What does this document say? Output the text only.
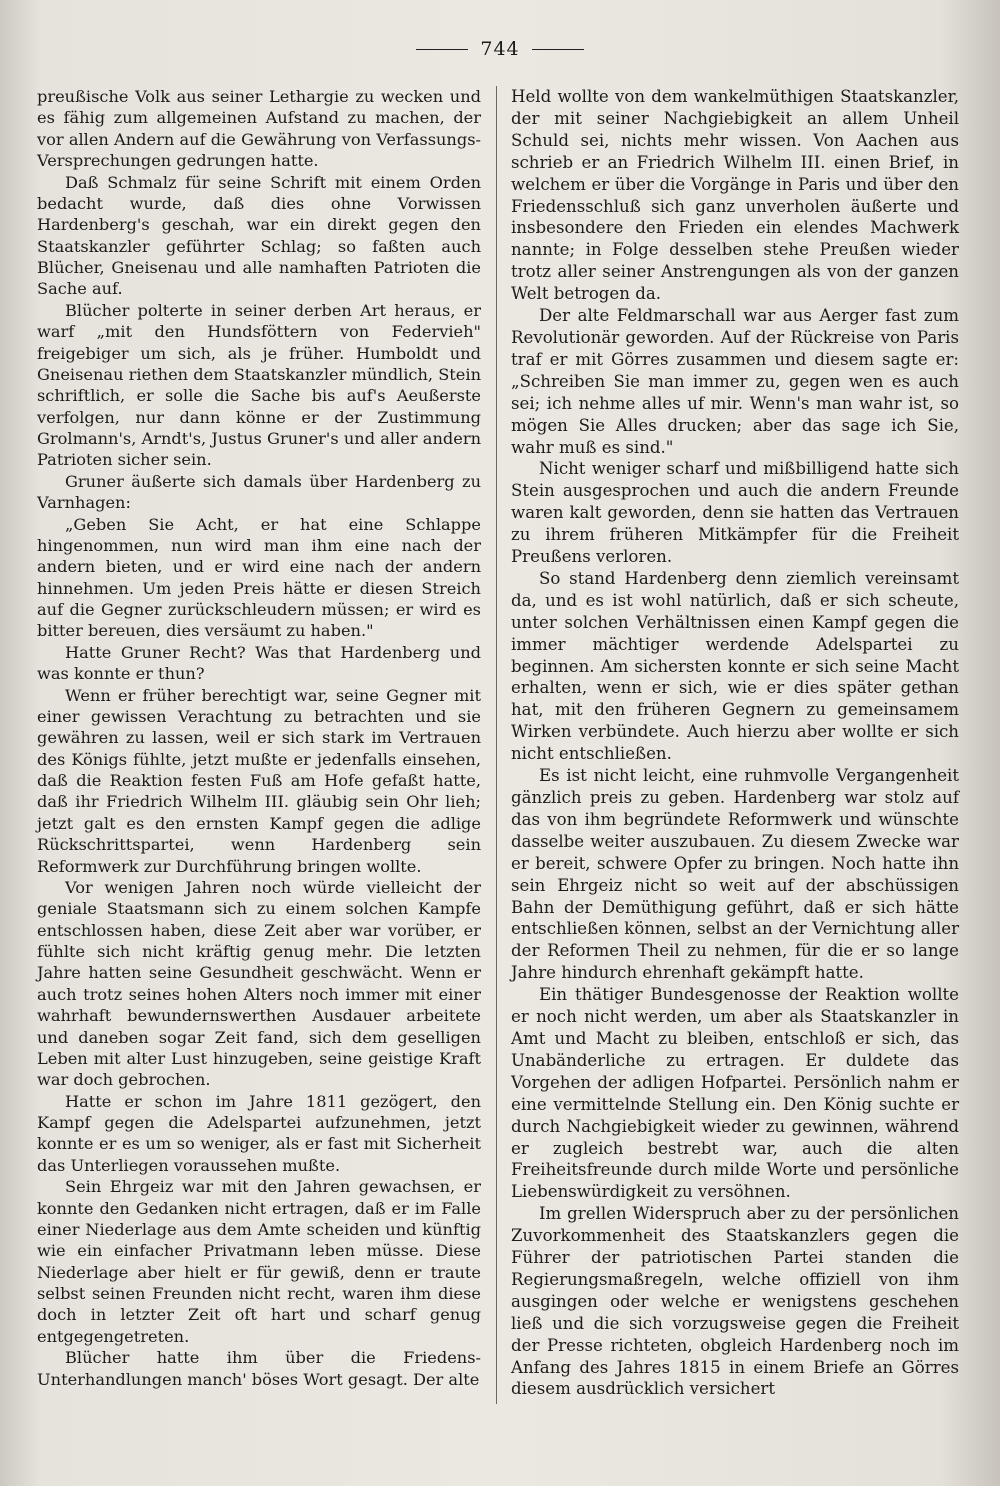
744

preußische Volk aus seiner Lethargie zu wecken und es fähig zum allgemeinen Aufstand zu machen, der vor allen Andern auf die Gewährung von Verfassungs-Versprechungen gedrungen hatte.

Daß Schmalz für seine Schrift mit einem Orden bedacht wurde, daß dies ohne Vorwissen Hardenberg's geschah, war ein direkt gegen den Staatskanzler geführter Schlag; so faßten auch Blücher, Gneisenau und alle namhaften Patrioten die Sache auf.

Blücher polterte in seiner derben Art heraus, er warf „mit den Hundsföttern von Federvieh" freigebiger um sich, als je früher. Humboldt und Gneisenau riethen dem Staatskanzler mündlich, Stein schriftlich, er solle die Sache bis auf's Aeußerste verfolgen, nur dann könne er der Zustimmung Grolmann's, Arndt's, Justus Gruner's und aller andern Patrioten sicher sein.

Gruner äußerte sich damals über Hardenberg zu Varnhagen:

„Geben Sie Acht, er hat eine Schlappe hingenommen, nun wird man ihm eine nach der andern bieten, und er wird eine nach der andern hinnehmen. Um jeden Preis hätte er diesen Streich auf die Gegner zurückschleudern müssen; er wird es bitter bereuen, dies versäumt zu haben."

Hatte Gruner Recht? Was that Hardenberg und was konnte er thun?

Wenn er früher berechtigt war, seine Gegner mit einer gewissen Verachtung zu betrachten und sie gewähren zu lassen, weil er sich stark im Vertrauen des Königs fühlte, jetzt mußte er jedenfalls einsehen, daß die Reaktion festen Fuß am Hofe gefaßt hatte, daß ihr Friedrich Wilhelm III. gläubig sein Ohr lieh; jetzt galt es den ernsten Kampf gegen die adlige Rückschrittspartei, wenn Hardenberg sein Reformwerk zur Durchführung bringen wollte.

Vor wenigen Jahren noch würde vielleicht der geniale Staatsmann sich zu einem solchen Kampfe entschlossen haben, diese Zeit aber war vorüber, er fühlte sich nicht kräftig genug mehr. Die letzten Jahre hatten seine Gesundheit geschwächt. Wenn er auch trotz seines hohen Alters noch immer mit einer wahrhaft bewundernswerthen Ausdauer arbeitete und daneben sogar Zeit fand, sich dem geselligen Leben mit alter Lust hinzugeben, seine geistige Kraft war doch gebrochen.

Hatte er schon im Jahre 1811 gezögert, den Kampf gegen die Adelspartei aufzunehmen, jetzt konnte er es um so weniger, als er fast mit Sicherheit das Unterliegen voraussehen mußte.

Sein Ehrgeiz war mit den Jahren gewachsen, er konnte den Gedanken nicht ertragen, daß er im Falle einer Niederlage aus dem Amte scheiden und künftig wie ein einfacher Privatmann leben müsse. Diese Niederlage aber hielt er für gewiß, denn er traute selbst seinen Freunden nicht recht, waren ihm diese doch in letzter Zeit oft hart und scharf genug entgegengetreten.

Blücher hatte ihm über die Friedens-Unterhandlungen manch' böses Wort gesagt. Der alte

Held wollte von dem wankelmüthigen Staatskanzler, der mit seiner Nachgiebigkeit an allem Unheil Schuld sei, nichts mehr wissen. Von Aachen aus schrieb er an Friedrich Wilhelm III. einen Brief, in welchem er über die Vorgänge in Paris und über den Friedensschluß sich ganz unverholen äußerte und insbesondere den Frieden ein elendes Machwerk nannte; in Folge desselben stehe Preußen wieder trotz aller seiner Anstrengungen als von der ganzen Welt betrogen da.

Der alte Feldmarschall war aus Aerger fast zum Revolutionär geworden. Auf der Rückreise von Paris traf er mit Görres zusammen und diesem sagte er: „Schreiben Sie man immer zu, gegen wen es auch sei; ich nehme alles uf mir. Wenn's man wahr ist, so mögen Sie Alles drucken; aber das sage ich Sie, wahr muß es sind."

Nicht weniger scharf und mißbilligend hatte sich Stein ausgesprochen und auch die andern Freunde waren kalt geworden, denn sie hatten das Vertrauen zu ihrem früheren Mitkämpfer für die Freiheit Preußens verloren.

So stand Hardenberg denn ziemlich vereinsamt da, und es ist wohl natürlich, daß er sich scheute, unter solchen Verhältnissen einen Kampf gegen die immer mächtiger werdende Adelspartei zu beginnen. Am sichersten konnte er sich seine Macht erhalten, wenn er sich, wie er dies später gethan hat, mit den früheren Gegnern zu gemeinsamem Wirken verbündete. Auch hierzu aber wollte er sich nicht entschließen.

Es ist nicht leicht, eine ruhmvolle Vergangenheit gänzlich preis zu geben. Hardenberg war stolz auf das von ihm begründete Reformwerk und wünschte dasselbe weiter auszubauen. Zu diesem Zwecke war er bereit, schwere Opfer zu bringen. Noch hatte ihn sein Ehrgeiz nicht so weit auf der abschüssigen Bahn der Demüthigung geführt, daß er sich hätte entschließen können, selbst an der Vernichtung aller der Reformen Theil zu nehmen, für die er so lange Jahre hindurch ehrenhaft gekämpft hatte.

Ein thätiger Bundesgenosse der Reaktion wollte er noch nicht werden, um aber als Staatskanzler in Amt und Macht zu bleiben, entschloß er sich, das Unabänderliche zu ertragen. Er duldete das Vorgehen der adligen Hofpartei. Persönlich nahm er eine vermittelnde Stellung ein. Den König suchte er durch Nachgiebigkeit wieder zu gewinnen, während er zugleich bestrebt war, auch die alten Freiheitsfreunde durch milde Worte und persönliche Liebenswürdigkeit zu versöhnen.

Im grellen Widerspruch aber zu der persönlichen Zuvorkommenheit des Staatskanzlers gegen die Führer der patriotischen Partei standen die Regierungsmaßregeln, welche offiziell von ihm ausgingen oder welche er wenigstens geschehen ließ und die sich vorzugsweise gegen die Freiheit der Presse richteten, obgleich Hardenberg noch im Anfang des Jahres 1815 in einem Briefe an Görres diesem ausdrücklich versichert
